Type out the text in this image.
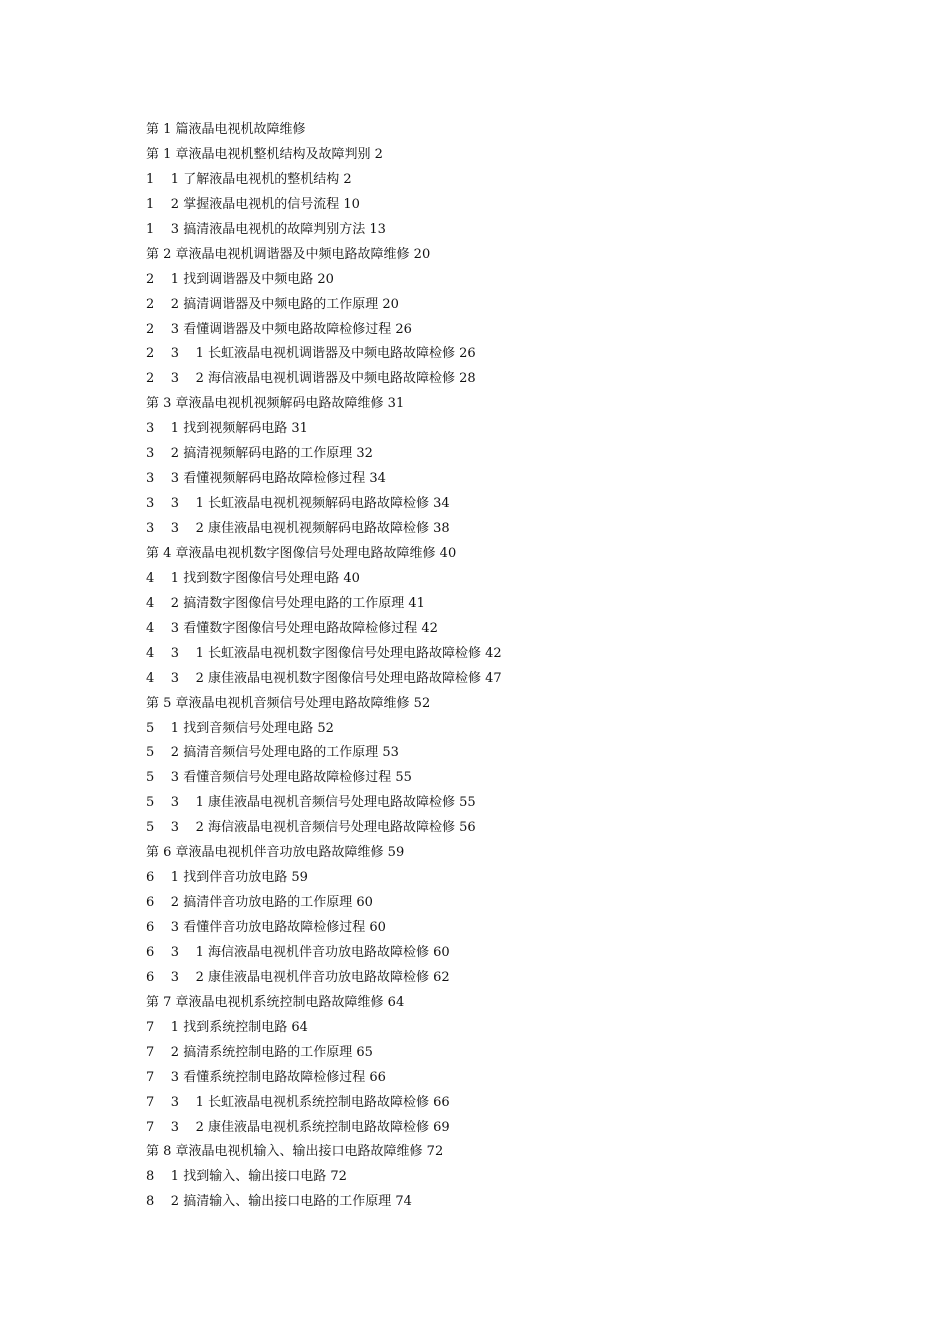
第 1 篇液晶电视机故障维修
第 1 章液晶电视机整机结构及故障判别 2
1    1 了解液晶电视机的整机结构 2
1    2 掌握液晶电视机的信号流程 10
1    3 搞清液晶电视机的故障判别方法 13
第 2 章液晶电视机调谐器及中频电路故障维修 20
2    1 找到调谐器及中频电路 20
2    2 搞清调谐器及中频电路的工作原理 20
2    3 看懂调谐器及中频电路故障检修过程 26
2    3    1 长虹液晶电视机调谐器及中频电路故障检修 26
2    3    2 海信液晶电视机调谐器及中频电路故障检修 28
第 3 章液晶电视机视频解码电路故障维修 31
3    1 找到视频解码电路 31
3    2 搞清视频解码电路的工作原理 32
3    3 看懂视频解码电路故障检修过程 34
3    3    1 长虹液晶电视机视频解码电路故障检修 34
3    3    2 康佳液晶电视机视频解码电路故障检修 38
第 4 章液晶电视机数字图像信号处理电路故障维修 40
4    1 找到数字图像信号处理电路 40
4    2 搞清数字图像信号处理电路的工作原理 41
4    3 看懂数字图像信号处理电路故障检修过程 42
4    3    1 长虹液晶电视机数字图像信号处理电路故障检修 42
4    3    2 康佳液晶电视机数字图像信号处理电路故障检修 47
第 5 章液晶电视机音频信号处理电路故障维修 52
5    1 找到音频信号处理电路 52
5    2 搞清音频信号处理电路的工作原理 53
5    3 看懂音频信号处理电路故障检修过程 55
5    3    1 康佳液晶电视机音频信号处理电路故障检修 55
5    3    2 海信液晶电视机音频信号处理电路故障检修 56
第 6 章液晶电视机伴音功放电路故障维修 59
6    1 找到伴音功放电路 59
6    2 搞清伴音功放电路的工作原理 60
6    3 看懂伴音功放电路故障检修过程 60
6    3    1 海信液晶电视机伴音功放电路故障检修 60
6    3    2 康佳液晶电视机伴音功放电路故障检修 62
第 7 章液晶电视机系统控制电路故障维修 64
7    1 找到系统控制电路 64
7    2 搞清系统控制电路的工作原理 65
7    3 看懂系统控制电路故障检修过程 66
7    3    1 长虹液晶电视机系统控制电路故障检修 66
7    3    2 康佳液晶电视机系统控制电路故障检修 69
第 8 章液晶电视机输入、输出接口电路故障维修 72
8    1 找到输入、输出接口电路 72
8    2 搞清输入、输出接口电路的工作原理 74
